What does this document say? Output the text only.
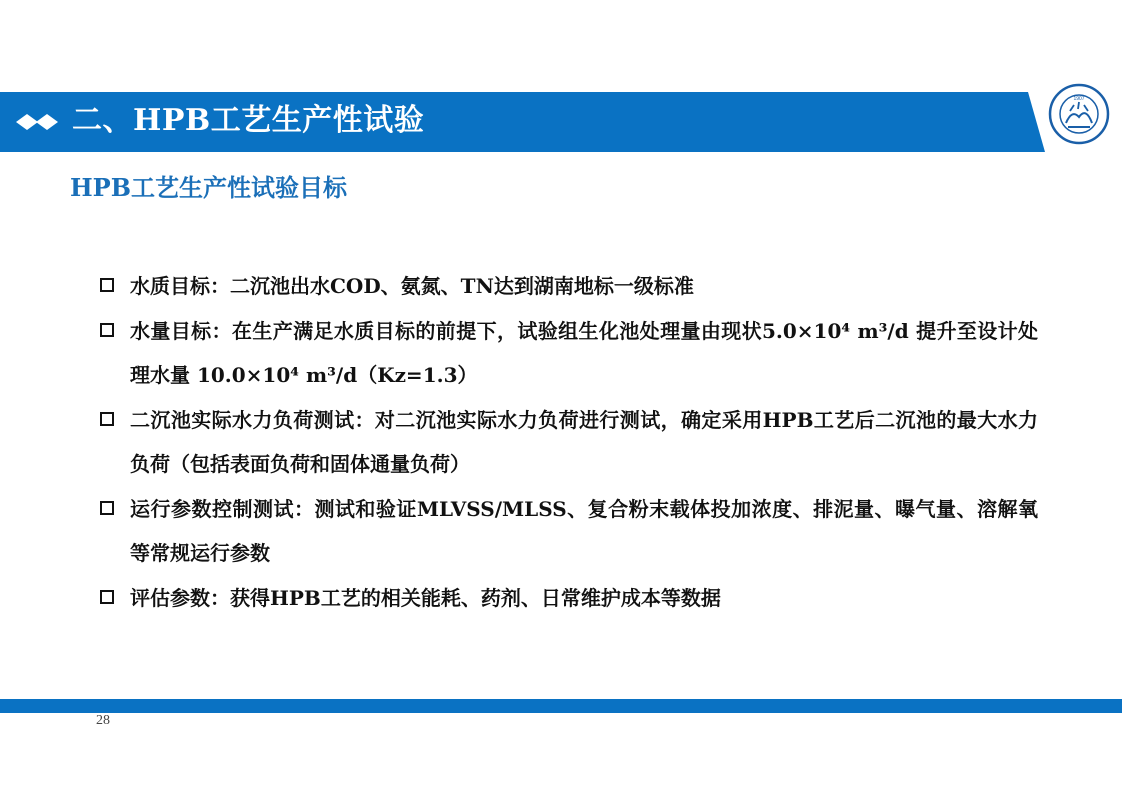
二、HPB工艺生产性试验
1907
HPB工艺生产性试验目标
水质目标：二沉池出水COD、氨氮、TN达到湖南地标一级标准
水量目标：在生产满足水质目标的前提下，试验组生化池处理量由现状5.0×10⁴ m³/d 提升至设计处理水量 10.0×10⁴ m³/d（Kz=1.3）
二沉池实际水力负荷测试：对二沉池实际水力负荷进行测试，确定采用HPB工艺后二沉池的最大水力负荷（包括表面负荷和固体通量负荷）
运行参数控制测试：测试和验证MLVSS/MLSS、复合粉末载体投加浓度、排泥量、曝气量、溶解氧等常规运行参数
评估参数：获得HPB工艺的相关能耗、药剂、日常维护成本等数据
28
